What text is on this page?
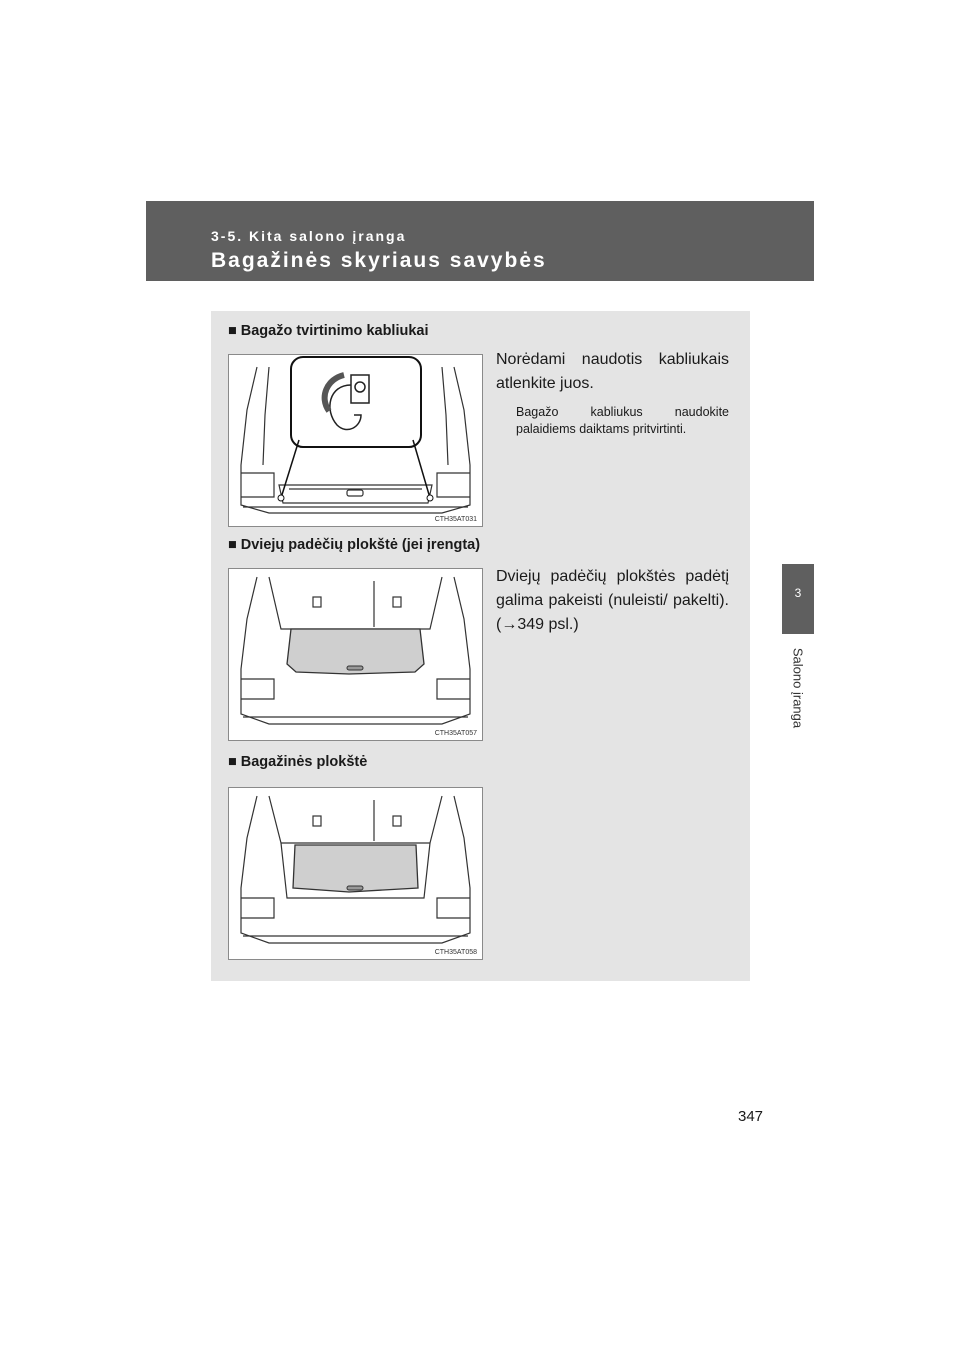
3-5. Kita salono įranga
Bagažinės skyriaus savybės
3
Salono įranga
■ Bagažo tvirtinimo kabliukai
CTH35AT031
Norėdami naudotis kabliukais atlenkite juos.
Bagažo kabliukus naudokite palaidiems daiktams pritvirtinti.
■ Dviejų padėčių plokštė (jei įrengta)
CTH35AT057
Dviejų padėčių plokštės padėtį galima pakeisti (nuleisti/ pakelti). (→349 psl.)
■ Bagažinės plokštė
CTH35AT058
347
